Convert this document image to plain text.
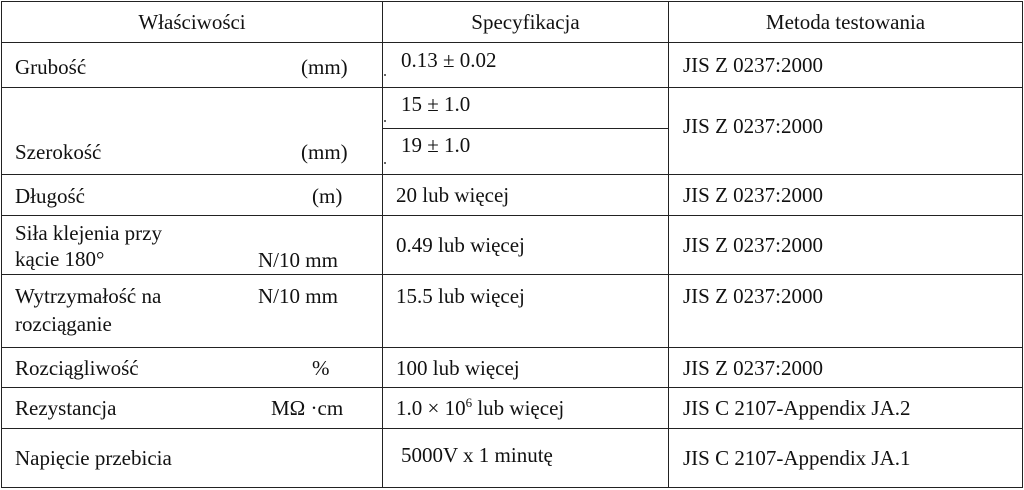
Właściwości	Specyfikacja	Metoda testowania

Grubość (mm)	0.13 ± 0.02	JIS Z 0237:2000

Szerokość (mm)	15 ± 1.0	JIS Z 0237:2000
	19 ± 1.0	

Długość (m)	20 lub więcej	JIS Z 0237:2000

Siła klejenia przy
kącie 180° N/10 mm	0.49 lub więcej	JIS Z 0237:2000

Wytrzymałość na
rozciąganie
N/10 mm	15.5 lub więcej	JIS Z 0237:2000

Rozciągliwość %	100 lub więcej	JIS Z 0237:2000

Rezystancja MΩ ·cm	$1.0 \times 10^6$ lub więcej	JIS C 2107-Appendix JA.2

Napięcie przebicia	5000V x 1 minutę	JIS C 2107-Appendix JA.1
